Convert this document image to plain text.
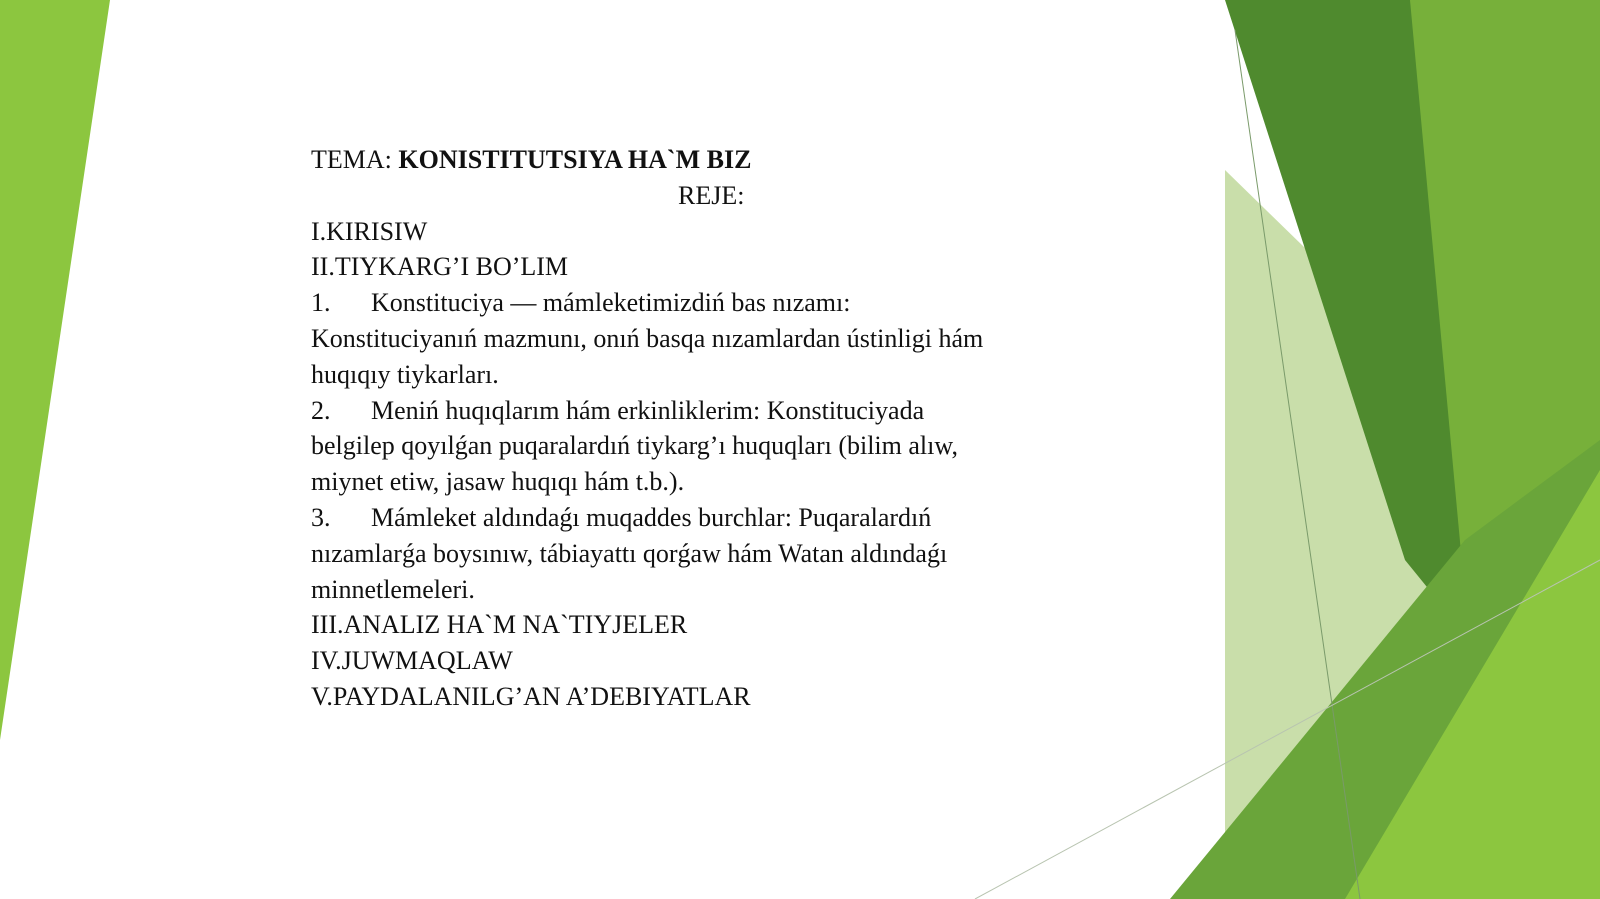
TEMA: KONISTITUTSIYA HA`M BIZ

REJE:

I.KIRISIW

II.TIYKARG’I BO’LIM

1. Konstituciya — mámleketimizdiń bas nızamı:

Konstituciyanıń mazmunı, onıń basqa nızamlardan ústinligi hám

huqıqıy tiykarları.

2. Meniń huqıqlarım hám erkinliklerim: Konstituciyada

belgilep qoyılǵan puqaralardıń tiykarg’ı huquqları (bilim alıw,

miynet etiw, jasaw huqıqı hám t.b.).

3. Mámleket aldındaǵı muqaddes burchlar: Puqaralardıń

nızamlarǵa boysınıw, tábiayattı qorǵaw hám Watan aldındaǵı

minnetlemeleri.

III.ANALIZ HA`M NA`TIYJELER

IV.JUWMAQLAW

V.PAYDALANILG’AN A’DEBIYATLAR
